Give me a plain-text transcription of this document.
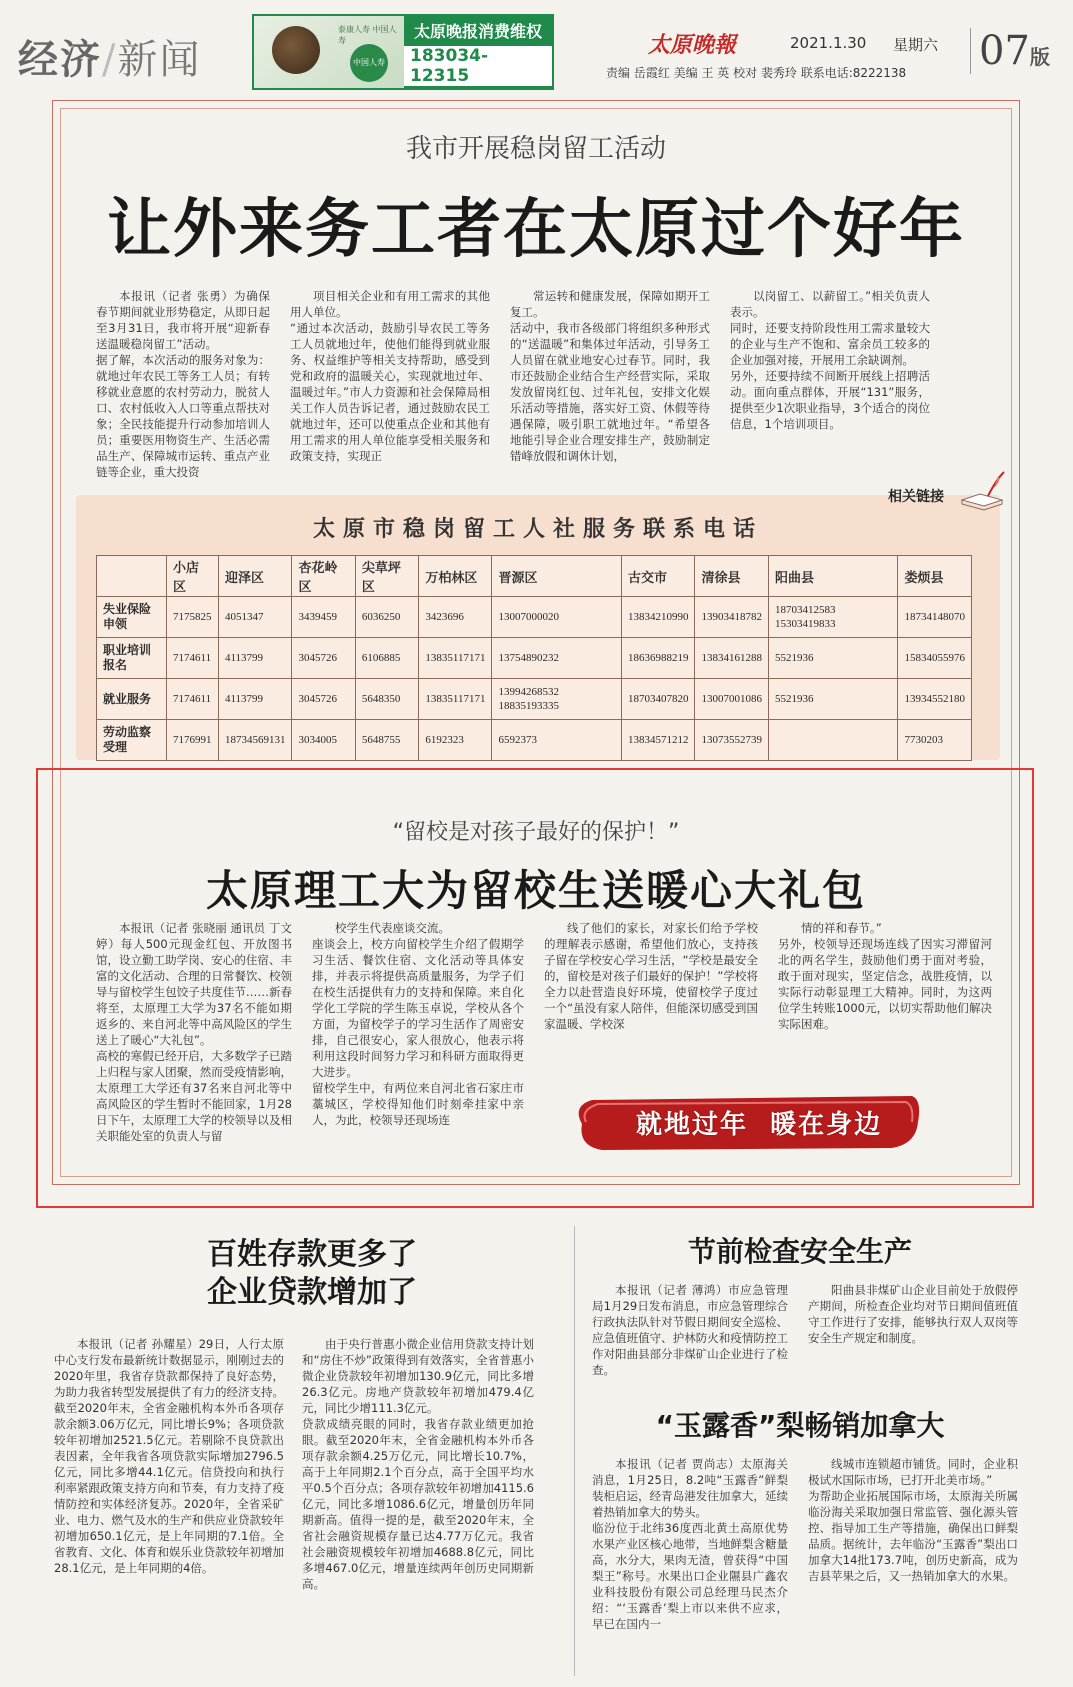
经济/新闻
泰康人寿 中国人寿
中国人寿
太原晚报消费维权
183034-12315
太原晚報	2021.1.30 星期六 07版
责编 岳霞红 美编 王 英 校对 裴秀玲 联系电话:8222138
我市开展稳岗留工活动
让外来务工者在太原过个好年

本报讯（记者 张勇）为确保春节期间就业形势稳定，从即日起至3月31日，我市将开展“迎新春送温暖稳岗留工”活动。
据了解，本次活动的服务对象为：就地过年农民工等务工人员；有转移就业意愿的农村劳动力，脱贫人口、农村低收入人口等重点帮扶对象；全民技能提升行动参加培训人员；重要医用物资生产、生活必需品生产、保障城市运转、重点产业链等企业，重大投资

项目相关企业和有用工需求的其他用人单位。
“通过本次活动，鼓励引导农民工等务工人员就地过年，使他们能得到就业服务、权益维护等相关支持帮助，感受到党和政府的温暖关心，实现就地过年、温暖过年。”市人力资源和社会保障局相关工作人员告诉记者，通过鼓励农民工就地过年，还可以使重点企业和其他有用工需求的用人单位能享受相关服务和政策支持，实现正

常运转和健康发展，保障如期开工复工。
活动中，我市各级部门将组织多种形式的“送温暖”和集体过年活动，引导务工人员留在就业地安心过春节。同时，我市还鼓励企业结合生产经营实际，采取发放留岗红包、过年礼包，安排文化娱乐活动等措施，落实好工资、休假等待遇保障，吸引职工就地过年。“希望各地能引导企业合理安排生产，鼓励制定错峰放假和调休计划，

以岗留工、以薪留工。”相关负责人表示。
同时，还要支持阶段性用工需求量较大的企业与生产不饱和、富余员工较多的企业加强对接，开展用工余缺调剂。
另外，还要持续不间断开展线上招聘活动。面向重点群体，开展“131”服务，提供至少1次职业指导，3个适合的岗位信息，1个培训项目。

相关链接
太原市稳岗留工人社服务联系电话
	小店区	迎泽区	杏花岭区	尖草坪区	万柏林区	晋源区	古交市	清徐县	阳曲县	娄烦县
失业保险申领	7175825	4051347	3439459	6036250	3423696	13007000020	13834210990	13903418782	18703412583 15303419833	18734148070
职业培训报名	7174611	4113799	3045726	6106885	13835117171	13754890232	18636988219	13834161288	5521936	15834055976
就业服务	7174611	4113799	3045726	5648350	13835117171	13994268532 18835193335	18703407820	13007001086	5521936	13934552180
劳动监察受理	7176991	18734569131	3034005	5648755	6192323	6592373	13834571212	13073552739		7730203
“留校是对孩子最好的保护！”
太原理工大为留校生送暖心大礼包

本报讯（记者 张晓丽 通讯员 丁文婷）每人500元现金红包、开放图书馆，设立勤工助学岗、安心的住宿、丰富的文化活动、合理的日常餐饮、校领导与留校学生包饺子共度佳节……新春将至，太原理工大学为37名不能如期返乡的、来自河北等中高风险区的学生送上了暖心“大礼包”。
高校的寒假已经开启，大多数学子已踏上归程与家人团聚，然而受疫情影响，太原理工大学还有37名来自河北等中高风险区的学生暂时不能回家，1月28日下午，太原理工大学的校领导以及相关职能处室的负责人与留

校学生代表座谈交流。
座谈会上，校方向留校学生介绍了假期学习生活、餐饮住宿、文化活动等具体安排，并表示将提供高质量服务，为学子们在校生活提供有力的支持和保障。来自化学化工学院的学生陈玉卓说，学校从各个方面，为留校学子的学习生活作了周密安排，自己很安心，家人很放心，他表示将利用这段时间努力学习和科研方面取得更大进步。
留校学生中，有两位来自河北省石家庄市藁城区，学校得知他们时刻牵挂家中亲人，为此，校领导还现场连

线了他们的家长，对家长们给予学校的理解表示感谢，希望他们放心，支持孩子留在学校安心学习生活，“学校是最安全的，留校是对孩子们最好的保护！”学校将全力以赴营造良好环境，使留校学子度过一个“虽没有家人陪伴，但能深切感受到国家温暖、学校深

情的祥和春节。”
另外，校领导还现场连线了因实习滞留河北的两名学生，鼓励他们勇于面对考验，敢于面对现实，坚定信念，战胜疫情，以实际行动彰显理工大精神。同时，为这两位学生转账1000元，以切实帮助他们解决实际困难。

就地过年  暖在身边
百姓存款更多了
企业贷款增加了

本报讯（记者 孙耀星）29日，人行太原中心支行发布最新统计数据显示，刚刚过去的2020年里，我省存贷款都保持了良好态势，为助力我省转型发展提供了有力的经济支持。
截至2020年末，全省金融机构本外币各项存款余额3.06万亿元，同比增长9%；各项贷款较年初增加2521.5亿元。若剔除不良贷款出表因素，全年我省各项贷款实际增加2796.5亿元，同比多增44.1亿元。信贷投向和执行利率紧跟政策支持方向和节奏，有力支持了疫情防控和实体经济复苏。2020年，全省采矿业、电力、燃气及水的生产和供应业贷款较年初增加650.1亿元，是上年同期的7.1倍。全省教育、文化、体育和娱乐业贷款较年初增加28.1亿元，是上年同期的4倍。

由于央行普惠小微企业信用贷款支持计划和“房住不炒”政策得到有效落实，全省普惠小微企业贷款较年初增加130.9亿元，同比多增26.3亿元。房地产贷款较年初增加479.4亿元，同比少增111.3亿元。
贷款成绩亮眼的同时，我省存款业绩更加抢眼。截至2020年末，全省金融机构本外币各项存款余额4.25万亿元，同比增长10.7%，高于上年同期2.1个百分点，高于全国平均水平0.5个百分点；各项存款较年初增加4115.6亿元，同比多增1086.6亿元，增量创历年同期新高。值得一提的是，截至2020年末，全省社会融资规模存量已达4.77万亿元。我省社会融资规模较年初增加4688.8亿元，同比多增467.0亿元，增量连续两年创历史同期新高。

节前检查安全生产

本报讯（记者 薄鸿）市应急管理局1月29日发布消息，市应急管理综合行政执法队针对节假日期间安全巡检、应急值班值守、护林防火和疫情防控工作对阳曲县部分非煤矿山企业进行了检查。

阳曲县非煤矿山企业目前处于放假停产期间，所检查企业均对节日期间值班值守工作进行了安排，能够执行双人双岗等安全生产规定和制度。

“玉露香”梨畅销加拿大

本报讯（记者 贾尚志）太原海关消息，1月25日，8.2吨“玉露香”鲜梨装柜启运，经青岛港发往加拿大，延续着热销加拿大的势头。
临汾位于北纬36度西北黄土高原优势水果产业区核心地带，当地鲜梨含糖量高，水分大，果肉无渣，曾获得“中国梨王”称号。水果出口企业隰县广鑫农业科技股份有限公司总经理马民杰介绍：“‘玉露香’梨上市以来供不应求，早已在国内一

线城市连锁超市铺货。同时，企业积极试水国际市场，已打开北美市场。”
为帮助企业拓展国际市场，太原海关所属临汾海关采取加强日常监管、强化源头管控、指导加工生产等措施，确保出口鲜梨品质。据统计，去年临汾“玉露香”梨出口加拿大14批173.7吨，创历史新高，成为吉县苹果之后，又一热销加拿大的水果。
